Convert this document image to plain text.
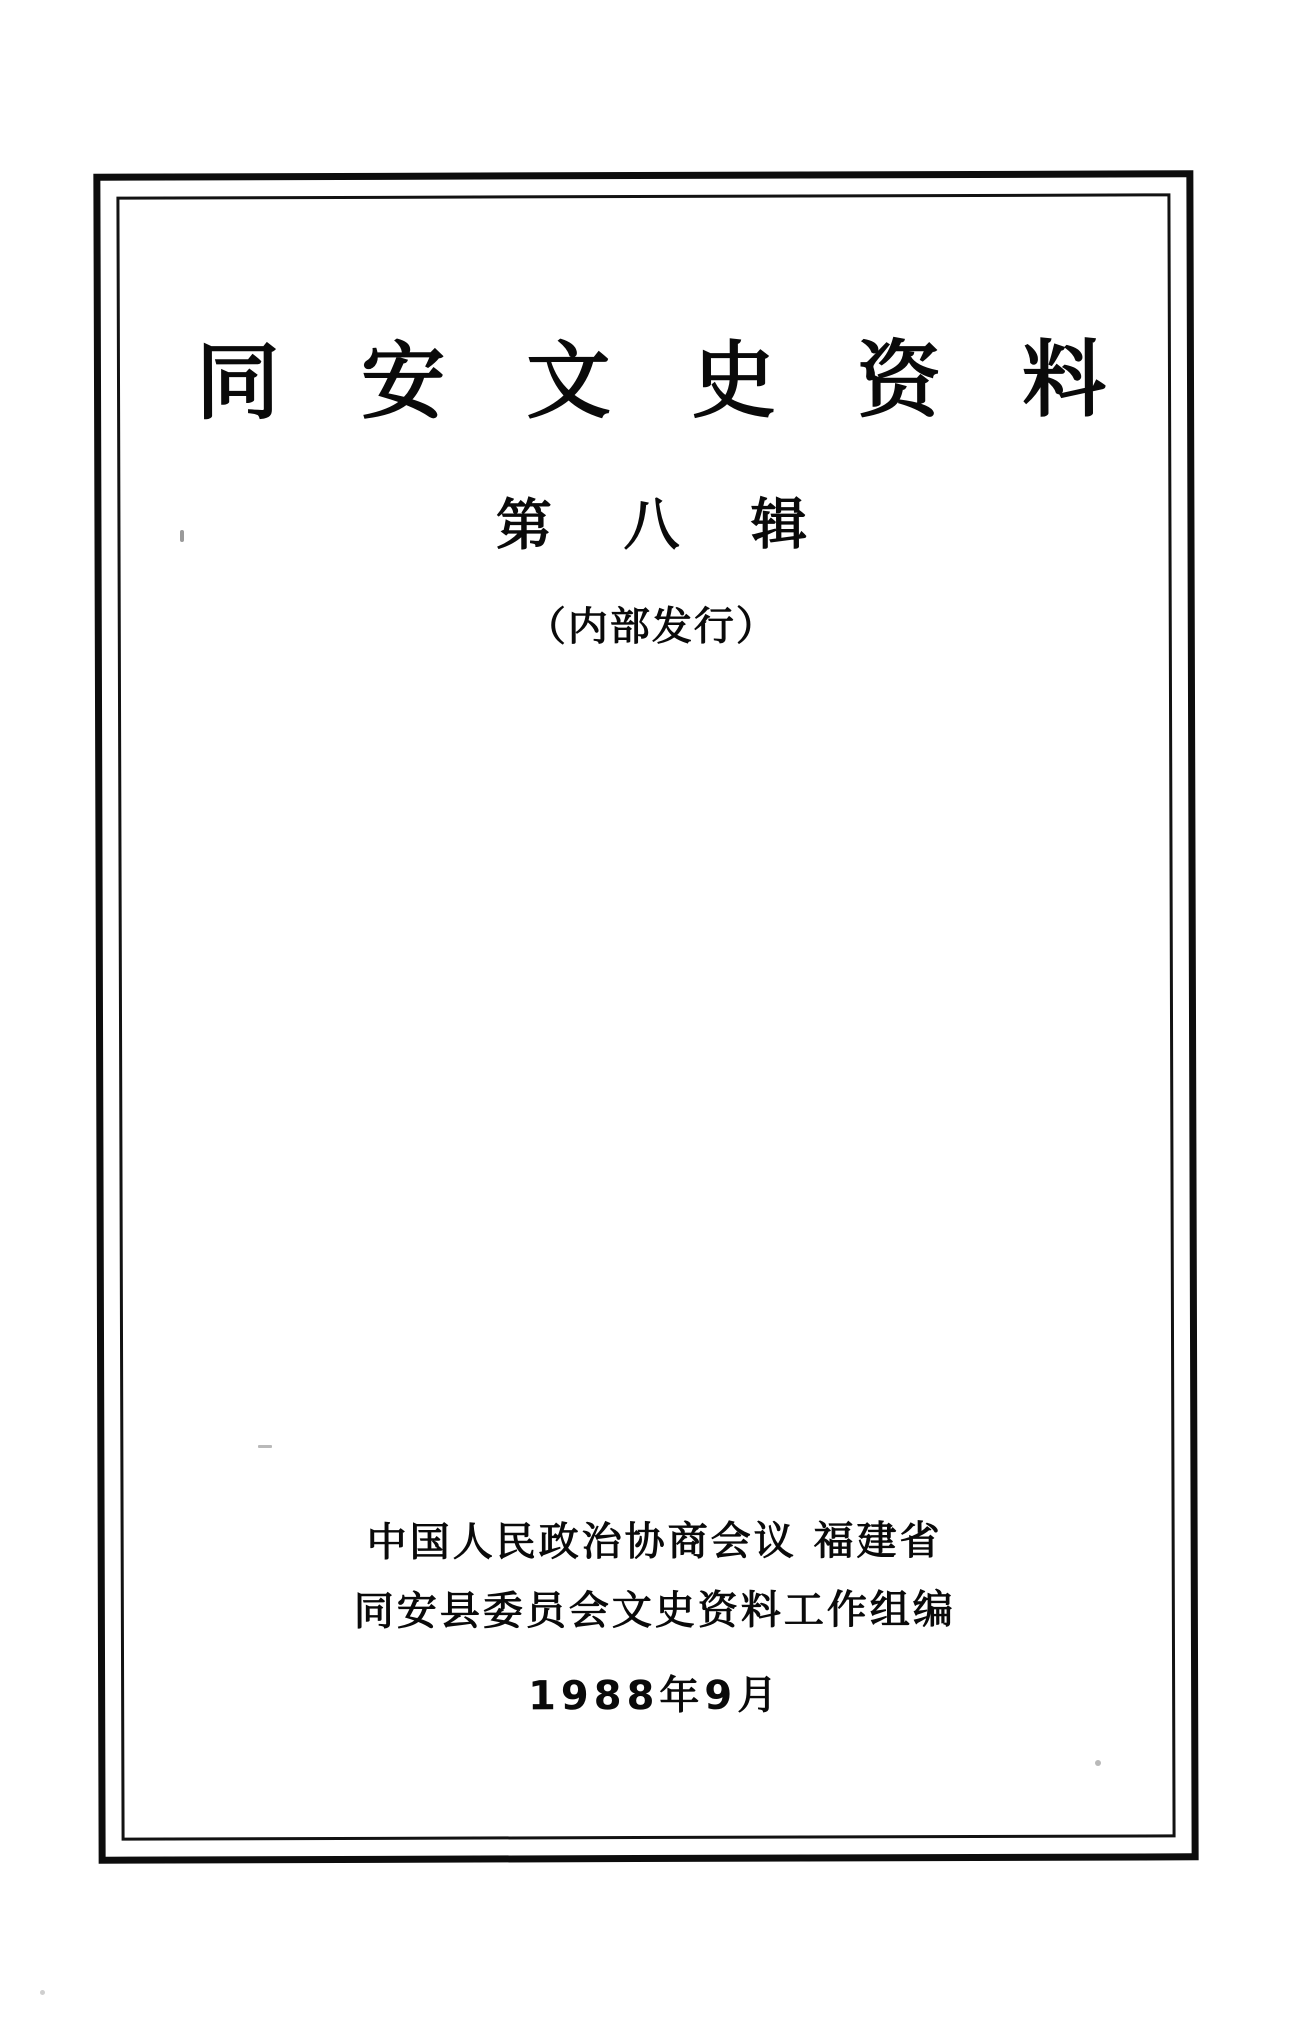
同 安 文 史 资 料
第 八 辑
（内部发行）
中国人民政治协商会议 福建省
同安县委员会文史资料工作组编
1988年9月
